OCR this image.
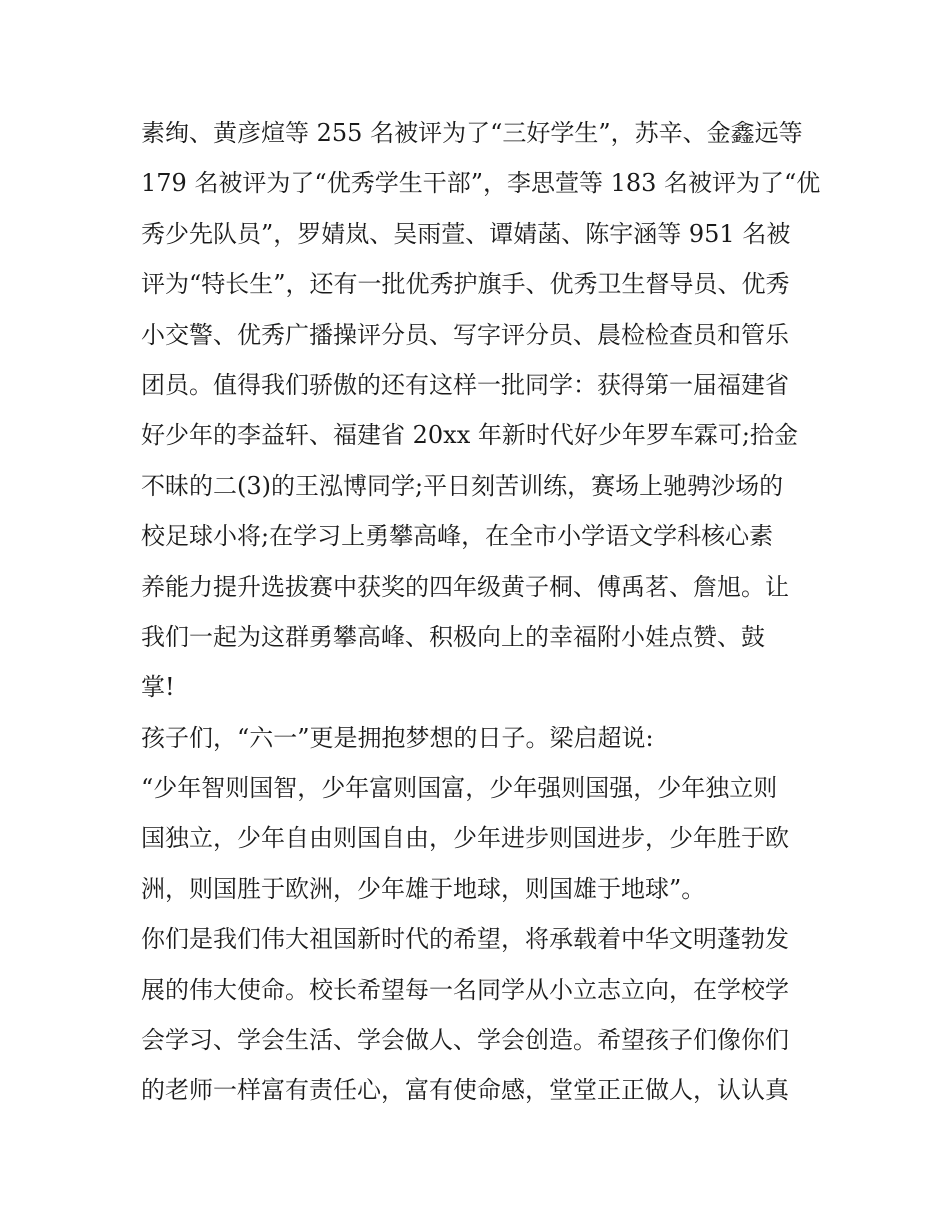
素绚、黄彦煊等 255 名被评为了“三好学生”，苏辛、金鑫远等
179 名被评为了“优秀学生干部”，李思萱等 183 名被评为了“优
秀少先队员”，罗婧岚、吴雨萱、谭婧菡、陈宇涵等 951 名被
评为“特长生”，还有一批优秀护旗手、优秀卫生督导员、优秀
小交警、优秀广播操评分员、写字评分员、晨检检查员和管乐
团员。值得我们骄傲的还有这样一批同学：获得第一届福建省
好少年的李益轩、福建省 20xx 年新时代好少年罗车霖可;拾金
不昧的二(3)的王泓博同学;平日刻苦训练，赛场上驰骋沙场的
校足球小将;在学习上勇攀高峰，在全市小学语文学科核心素
养能力提升选拔赛中获奖的四年级黄子桐、傅禹茗、詹旭。让
我们一起为这群勇攀高峰、积极向上的幸福附小娃点赞、鼓
掌!
孩子们，“六一”更是拥抱梦想的日子。梁启超说:
“少年智则国智，少年富则国富，少年强则国强，少年独立则
国独立，少年自由则国自由，少年进步则国进步，少年胜于欧
洲，则国胜于欧洲，少年雄于地球，则国雄于地球”。
你们是我们伟大祖国新时代的希望，将承载着中华文明蓬勃发
展的伟大使命。校长希望每一名同学从小立志立向，在学校学
会学习、学会生活、学会做人、学会创造。希望孩子们像你们
的老师一样富有责任心，富有使命感，堂堂正正做人，认认真
